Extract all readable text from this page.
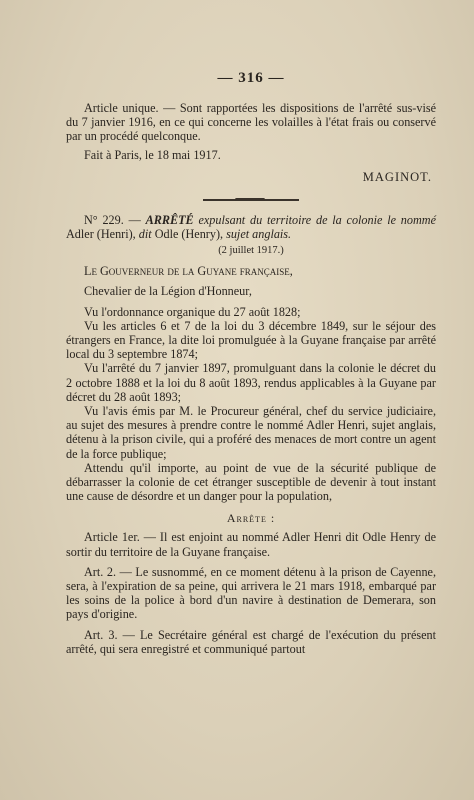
— 316 —

Article unique. — Sont rapportées les dispositions de l'arrêté sus-visé du 7 janvier 1916, en ce qui concerne les volailles à l'état frais ou conservé par un procédé quelconque.

Fait à Paris, le 18 mai 1917.

MAGINOT.

N° 229. — ARRÊTÉ expulsant du territoire de la colonie le nommé Adler (Henri), dit Odle (Henry), sujet anglais.

(2 juillet 1917.)

Le Gouverneur de la Guyane française,

Chevalier de la Légion d'Honneur,

Vu l'ordonnance organique du 27 août 1828;

Vu les articles 6 et 7 de la loi du 3 décembre 1849, sur le séjour des étrangers en France, la dite loi promulguée à la Guyane française par arrêté local du 3 septembre 1874;

Vu l'arrêté du 7 janvier 1897, promulguant dans la colonie le décret du 2 octobre 1888 et la loi du 8 août 1893, rendus applicables à la Guyane par décret du 28 août 1893;

Vu l'avis émis par M. le Procureur général, chef du service judiciaire, au sujet des mesures à prendre contre le nommé Adler Henri, sujet anglais, détenu à la prison civile, qui a proféré des menaces de mort contre un agent de la force publique;

Attendu qu'il importe, au point de vue de la sécurité publique de débarrasser la colonie de cet étranger susceptible de devenir à tout instant une cause de désordre et un danger pour la population,

Arrête :

Article 1er. — Il est enjoint au nommé Adler Henri dit Odle Henry de sortir du territoire de la Guyane française.

Art. 2. — Le susnommé, en ce moment détenu à la prison de Cayenne, sera, à l'expiration de sa peine, qui arrivera le 21 mars 1918, embarqué par les soins de la police à bord d'un navire à destination de Demerara, son pays d'origine.

Art. 3. — Le Secrétaire général est chargé de l'exécution du présent arrêté, qui sera enregistré et communiqué partout
